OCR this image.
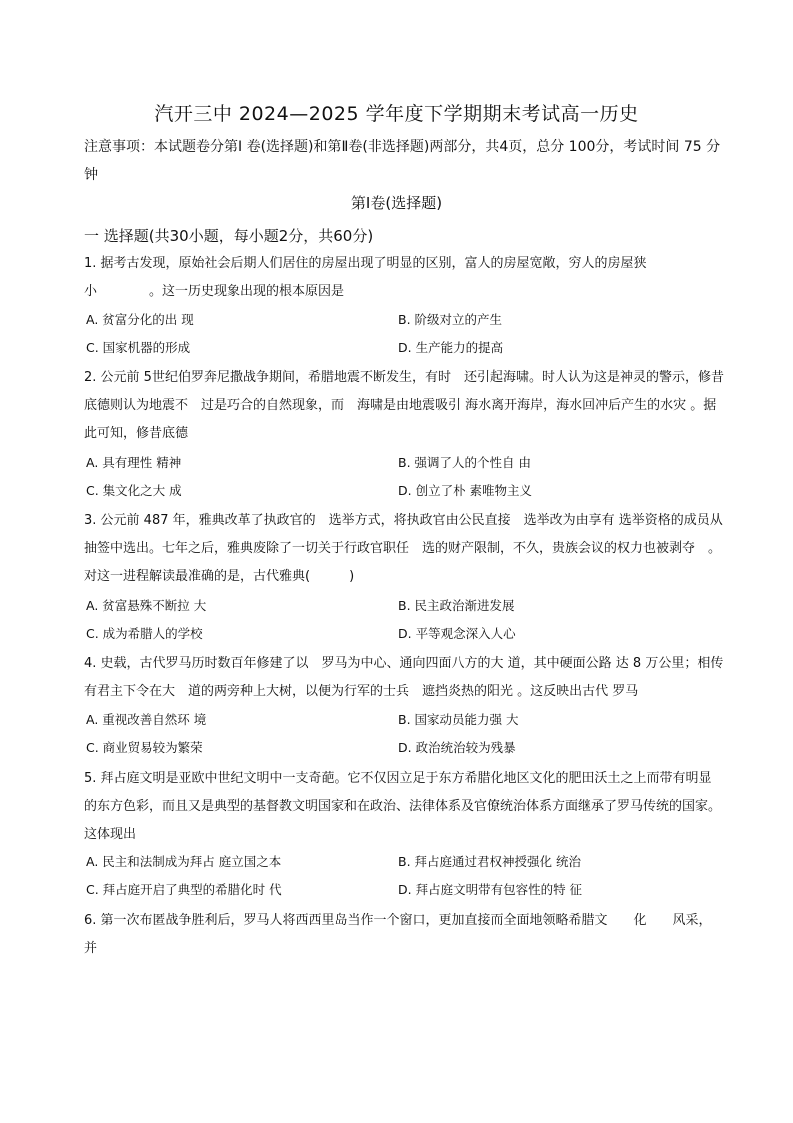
汽开三中 2024—2025 学年度下学期期末考试高一历史
注意事项：本试题卷分第Ⅰ 卷(选择题)和第Ⅱ卷(非选择题)两部分，共4页，总分 100分，考试时间 75 分钟
第Ⅰ卷(选择题)
一 选择题(共30小题，每小题2分，共60分)
1. 据考古发现，原始社会后期人们居住的房屋出现了明显的区别，富人的房屋宽敞，穷人的房屋狭小　　　　。这一历史现象出现的根本原因是
A. 贫富分化的出 现	B. 阶级对立的产生
C. 国家机器的形成	D. 生产能力的提高
2. 公元前 5世纪伯罗奔尼撒战争期间，希腊地震不断发生，有时　还引起海啸。时人认为这是神灵的警示，修昔底德则认为地震不　过是巧合的自然现象，而　海啸是由地震吸引 海水离开海岸，海水回冲后产生的水灾 。据此可知，修昔底德
A. 具有理性 精神	B. 强调了人的个性自 由
C. 集文化之大 成	D. 创立了朴 素唯物主义
3. 公元前 487 年，雅典改革了执政官的　选举方式，将执政官由公民直接　选举改为由享有 选举资格的成员从抽签中选出。七年之后，雅典废除了一切关于行政官职任　选的财产限制，不久，贵族会议的权力也被剥夺　。对这一进程解读最准确的是，古代雅典(　　　)
A. 贫富悬殊不断拉 大	B. 民主政治渐进发展
C. 成为希腊人的学校	D. 平等观念深入人心
4. 史载，古代罗马历时数百年修建了以　罗马为中心、通向四面八方的大 道，其中硬面公路 达 8 万公里；相传有君主下令在大　道的两旁种上大树，以便为行军的士兵　遮挡炎热的阳光 。这反映出古代 罗马
A. 重视改善自然环 境	B. 国家动员能力强 大
C. 商业贸易较为繁荣	D. 政治统治较为残暴
5. 拜占庭文明是亚欧中世纪文明中一支奇葩。它不仅因立足于东方希腊化地区文化的肥田沃土之上而带有明显的东方色彩，而且又是典型的基督教文明国家和在政治、法律体系及官僚统治体系方面继承了罗马传统的国家。这体现出
A. 民主和法制成为拜占 庭立国之本	B. 拜占庭通过君权神授强化 统治
C. 拜占庭开启了典型的希腊化时 代	D. 拜占庭文明带有包容性的特 征
6. 第一次布匿战争胜利后，罗马人将西西里岛当作一个窗口，更加直接而全面地领略希腊文　　化　　风采，并
